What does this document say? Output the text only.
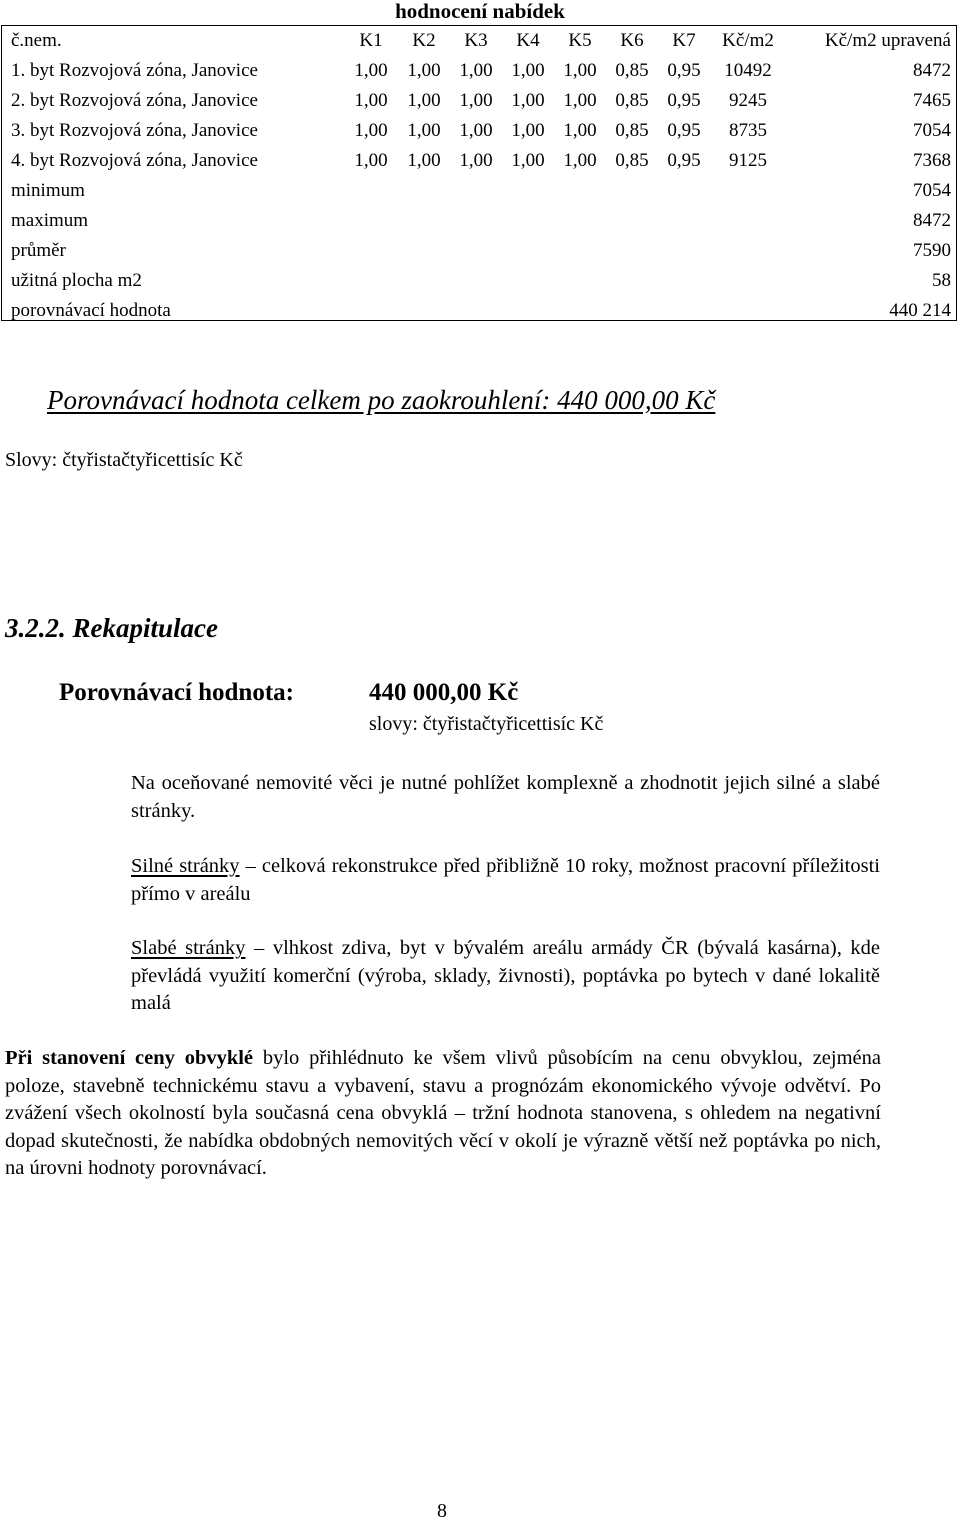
hodnocení nabídek
č.nem.	K1 K2 K3 K4 K5 K6 K7 Kč/m2	Kč/m2 upravená
1. byt Rozvojová zóna, Janovice	1,00 1,00 1,00 1,00 1,00 0,85 0,95 10492	8472
2. byt Rozvojová zóna, Janovice	1,00 1,00 1,00 1,00 1,00 0,85 0,95 9245	7465
3. byt Rozvojová zóna, Janovice	1,00 1,00 1,00 1,00 1,00 0,85 0,95 8735	7054
4. byt Rozvojová zóna, Janovice	1,00 1,00 1,00 1,00 1,00 0,85 0,95 9125	7368
minimum	7054
maximum	8472
průměr	7590
užitná plocha m2	58
porovnávací hodnota	440 214
Porovnávací hodnota celkem po zaokrouhlení: 440 000,00 Kč
Slovy: čtyřistačtyřicettisíc Kč
3.2.2. Rekapitulace
Porovnávací hodnota:	440 000,00 Kč
slovy: čtyřistačtyřicettisíc Kč
Na oceňované nemovité věci je nutné pohlížet komplexně a zhodnotit jejich silné a slabé stránky.
Silné stránky – celková rekonstrukce před přibližně 10 roky, možnost pracovní příležitosti přímo v areálu
Slabé stránky – vlhkost zdiva, byt v bývalém areálu armády ČR (bývalá kasárna), kde převládá využití komerční (výroba, sklady, živnosti), poptávka po bytech v dané lokalitě malá
Při stanovení ceny obvyklé bylo přihlédnuto ke všem vlivů působícím na cenu obvyklou, zejména poloze, stavebně technickému stavu a vybavení, stavu a prognózám ekonomického vývoje odvětví. Po zvážení všech okolností byla současná cena obvyklá – tržní hodnota stanovena, s ohledem na negativní dopad skutečnosti, že nabídka obdobných nemovitých věcí v okolí je výrazně větší než poptávka po nich, na úrovni hodnoty porovnávací.
8
